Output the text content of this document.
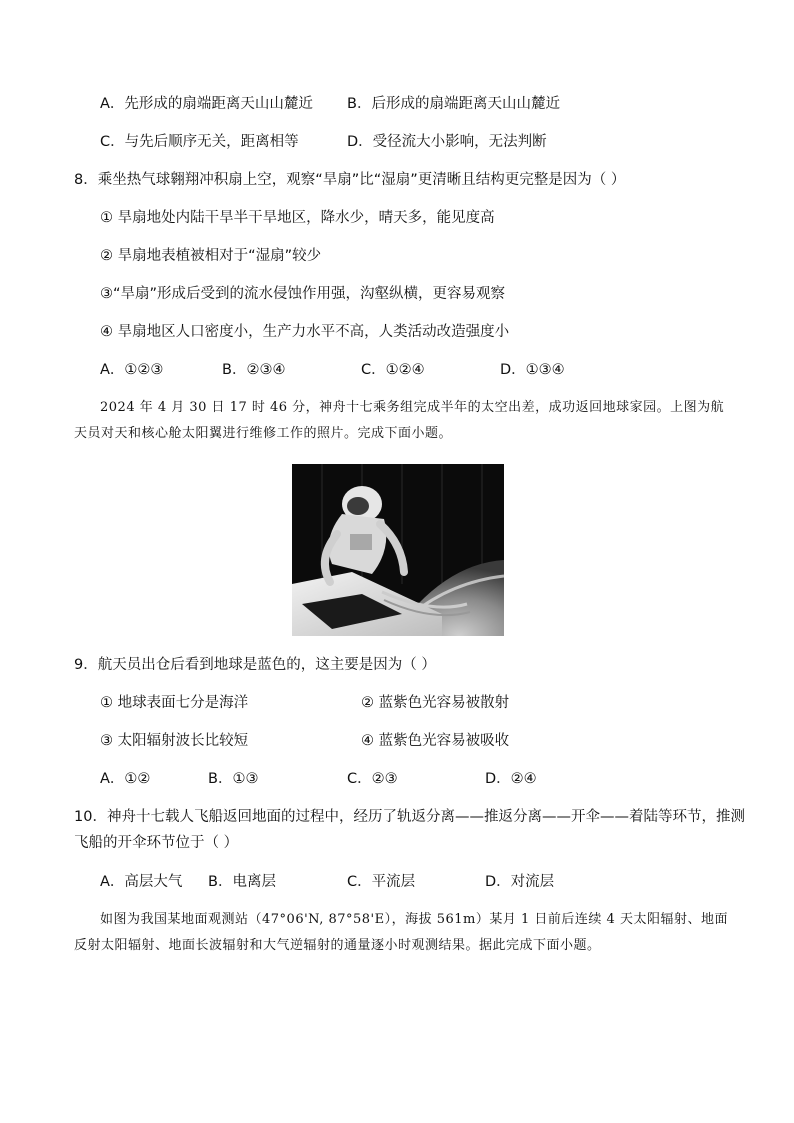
A．先形成的扇端距离天山山麓近 B．后形成的扇端距离天山山麓近
C．与先后顺序无关，距离相等	D．受径流大小影响，无法判断
8．乘坐热气球翱翔冲积扇上空，观察“旱扇”比“湿扇”更清晰且结构更完整是因为（ ）
① 旱扇地处内陆干旱半干旱地区，降水少，晴天多，能见度高
② 旱扇地表植被相对于“湿扇”较少
③“旱扇”形成后受到的流水侵蚀作用强，沟壑纵横，更容易观察
④ 旱扇地区人口密度小，生产力水平不高，人类活动改造强度小
A．①②③	B．②③④	C．①②④	D．①③④
2024 年 4 月 30 日 17 时 46 分，神舟十七乘务组完成半年的太空出差，成功返回地球家园。上图为航
天员对天和核心舱太阳翼进行维修工作的照片。完成下面小题。
9．航天员出仓后看到地球是蓝色的，这主要是因为（ ）
① 地球表面七分是海洋	② 蓝紫色光容易被散射
③ 太阳辐射波长比较短	④ 蓝紫色光容易被吸收
A．①②	B．①③	C．②③	D．②④
10．神舟十七载人飞船返回地面的过程中，经历了轨返分离——推返分离——开伞——着陆等环节，推测
飞船的开伞环节位于（ ）
A．高层大气 B．电离层	C．平流层	D．对流层
如图为我国某地面观测站（47°06'N, 87°58'E），海拔 561m）某月 1 日前后连续 4 天太阳辐射、地面
反射太阳辐射、地面长波辐射和大气逆辐射的通量逐小时观测结果。据此完成下面小题。
